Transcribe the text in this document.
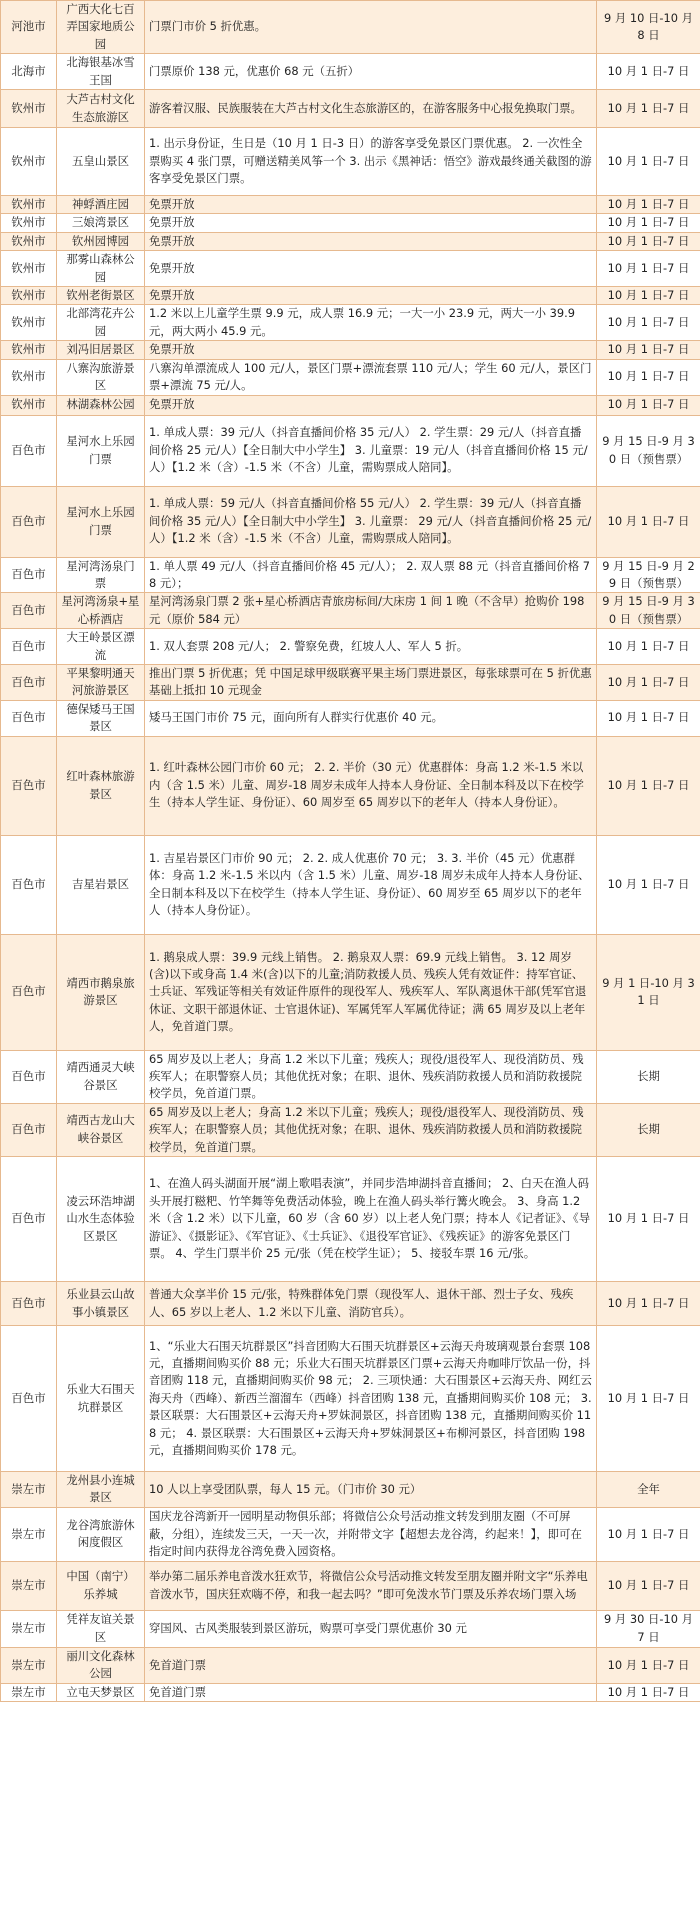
河池市	广西大化七百弄国家地质公园	门票门市价 5 折优惠。	9 月 10 日-10 月 8 日
北海市	北海银基冰雪王国	门票原价 138 元，优惠价 68 元（五折）	10 月 1 日-7 日
钦州市	大芦古村文化生态旅游区	游客着汉服、民族服装在大芦古村文化生态旅游区的，在游客服务中心报免换取门票。	10 月 1 日-7 日
钦州市	五皇山景区	1. 出示身份证，生日是（10 月 1 日-3 日）的游客享受免景区门票优惠。 2. 一次性全票购买 4 张门票，可赠送精美风筝一个 3. 出示《黑神话：悟空》游戏最终通关截图的游客享受免景区门票。	10 月 1 日-7 日
钦州市	神蜉酒庄园	免票开放	10 月 1 日-7 日
钦州市	三娘湾景区	免票开放	10 月 1 日-7 日
钦州市	钦州园博园	免票开放	10 月 1 日-7 日
钦州市	那雾山森林公园	免票开放	10 月 1 日-7 日
钦州市	钦州老街景区	免票开放	10 月 1 日-7 日
钦州市	北部湾花卉公园	1.2 米以上儿童学生票 9.9 元，成人票 16.9 元；一大一小 23.9 元，两大一小 39.9 元，两大两小 45.9 元。	10 月 1 日-7 日
钦州市	刘冯旧居景区	免票开放	10 月 1 日-7 日
钦州市	八寨沟旅游景区	八寨沟单漂流成人 100 元/人，景区门票+漂流套票 110 元/人；学生 60 元/人，景区门票+漂流 75 元/人。	10 月 1 日-7 日
钦州市	林湖森林公园	免票开放	10 月 1 日-7 日
百色市	星河水上乐园门票	1. 单成人票：39 元/人（抖音直播间价格 35 元/人） 2. 学生票：29 元/人（抖音直播间价格 25 元/人）【全日制大中小学生】 3. 儿童票：19 元/人（抖音直播间价格 15 元/人）【1.2 米（含）-1.5 米（不含）儿童，需购票成人陪同】。	9 月 15 日-9 月 30 日（预售票）
百色市	星河水上乐园门票	1. 单成人票：59 元/人（抖音直播间价格 55 元/人） 2. 学生票：39 元/人（抖音直播间价格 35 元/人）【全日制大中小学生】 3. 儿童票： 29 元/人（抖音直播间价格 25 元/人）【1.2 米（含）-1.5 米（不含）儿童，需购票成人陪同】。	10 月 1 日-7 日
百色市	星河湾汤泉门票	1. 单人票 49 元/人（抖音直播间价格 45 元/人）； 2. 双人票 88 元（抖音直播间价格 78 元）；	9 月 15 日-9 月 29 日（预售票）
百色市	星河湾汤泉+星心桥酒店	星河湾汤泉门票 2 张+星心桥酒店青旅房标间/大床房 1 间 1 晚（不含早）抢购价 198 元（原价 584 元）	9 月 15 日-9 月 30 日（预售票）
百色市	大王岭景区漂流	1. 双人套票 208 元/人； 2. 警察免费，红坡人人、军人 5 折。	10 月 1 日-7 日
百色市	平果黎明通天河旅游景区	推出门票 5 折优惠；凭 中国足球甲级联赛平果主场门票进景区，每张球票可在 5 折优惠基础上抵扣 10 元现金	10 月 1 日-7 日
百色市	德保矮马王国景区	矮马王国门市价 75 元，面向所有人群实行优惠价 40 元。	10 月 1 日-7 日
百色市	红叶森林旅游景区	1. 红叶森林公园门市价 60 元； 2. 2. 半价（30 元）优惠群体：身高 1.2 米-1.5 米以内（含 1.5 米）儿童、周岁-18 周岁未成年人持本人身份证、全日制本科及以下在校学生（持本人学生证、身份证）、60 周岁至 65 周岁以下的老年人（持本人身份证）。	10 月 1 日-7 日
百色市	吉星岩景区	1. 吉星岩景区门市价 90 元； 2. 2. 成人优惠价 70 元； 3. 3. 半价（45 元）优惠群体：身高 1.2 米-1.5 米以内（含 1.5 米）儿童、周岁-18 周岁未成年人持本人身份证、全日制本科及以下在校学生（持本人学生证、身份证）、60 周岁至 65 周岁以下的老年人（持本人身份证）。	10 月 1 日-7 日
百色市	靖西市鹅泉旅游景区	1. 鹅泉成人票：39.9 元线上销售。 2. 鹅泉双人票：69.9 元线上销售。 3. 12 周岁(含)以下或身高 1.4 米(含)以下的儿童;消防救援人员、残疾人凭有效证件：持军官证、士兵证、军残证等相关有效证件原件的现役军人、残疾军人、军队离退休干部(凭军官退休证、文职干部退休证、士官退休证)、军属凭军人军属优待证；满 65 周岁及以上老年人，免首道门票。	9 月 1 日-10 月 31 日
百色市	靖西通灵大峡谷景区	65 周岁及以上老人；身高 1.2 米以下儿童；残疾人；现役/退役军人、现役消防员、残疾军人；在职警察人员；其他优抚对象；在职、退休、残疾消防救援人员和消防救援院校学员，免首道门票。	长期
百色市	靖西古龙山大峡谷景区	65 周岁及以上老人；身高 1.2 米以下儿童；残疾人；现役/退役军人、现役消防员、残疾军人；在职警察人员；其他优抚对象；在职、退休、残疾消防救援人员和消防救援院校学员，免首道门票。	长期
百色市	凌云环浩坤湖山水生态体验区景区	1、在渔人码头湖面开展“湖上歌唱表演”，并同步浩坤湖抖音直播间； 2、白天在渔人码头开展打糍粑、竹竿舞等免费活动体验，晚上在渔人码头举行篝火晚会。 3、身高 1.2 米（含 1.2 米）以下儿童，60 岁（含 60 岁）以上老人免门票；持本人《记者证》、《导游证》、《摄影证》、《军官证》、《士兵证》、《退役军官证》、《残疾证》的游客免景区门票。 4、学生门票半价 25 元/张（凭在校学生证）； 5、接驳车票 16 元/张。	10 月 1 日-7 日
百色市	乐业县云山故事小镇景区	普通大众享半价 15 元/张，特殊群体免门票（现役军人、退休干部、烈士子女、残疾人、65 岁以上老人、1.2 米以下儿童、消防官兵）。	10 月 1 日-7 日
百色市	乐业大石围天坑群景区	1、“乐业大石围天坑群景区”抖音团购大石围天坑群景区+云海天舟玻璃观景台套票 108 元，直播期间购买价 88 元；乐业大石围天坑群景区门票+云海天舟咖啡厅饮品一份，抖音团购 118 元，直播期间购买价 98 元； 2. 三项快通：大石围景区+云海天舟、网红云海天舟（西峰）、新西兰溜溜车（西峰）抖音团购 138 元，直播期间购买价 108 元； 3. 景区联票：大石围景区+云海天舟+罗妹洞景区，抖音团购 138 元，直播期间购买价 118 元； 4. 景区联票：大石围景区+云海天舟+罗妹洞景区+布柳河景区，抖音团购 198 元，直播期间购买价 178 元。	10 月 1 日-7 日
崇左市	龙州县小连城景区	10 人以上享受团队票，每人 15 元。（门市价 30 元）	全年
崇左市	龙谷湾旅游休闲度假区	国庆龙谷湾新开一园明星动物俱乐部；将微信公众号活动推文转发到朋友圈（不可屏蔽，分组），连续发三天，一天一次，并附带文字【超想去龙谷湾，约起来！】，即可在指定时间内获得龙谷湾免费入园资格。	10 月 1 日-7 日
崇左市	中国（南宁）乐养城	举办第二届乐养电音泼水狂欢节，将微信公众号活动推文转发至朋友圈并附文字“乐养电音泼水节，国庆狂欢嗨不停，和我一起去吗？”即可免泼水节门票及乐养农场门票入场	10 月 1 日-7 日
崇左市	凭祥友谊关景区	穿国风、古风类服装到景区游玩，购票可享受门票优惠价 30 元	9 月 30 日-10 月 7 日
崇左市	丽川文化森林公园	免首道门票	10 月 1 日-7 日
崇左市	立屯天梦景区	免首道门票	10 月 1 日-7 日
